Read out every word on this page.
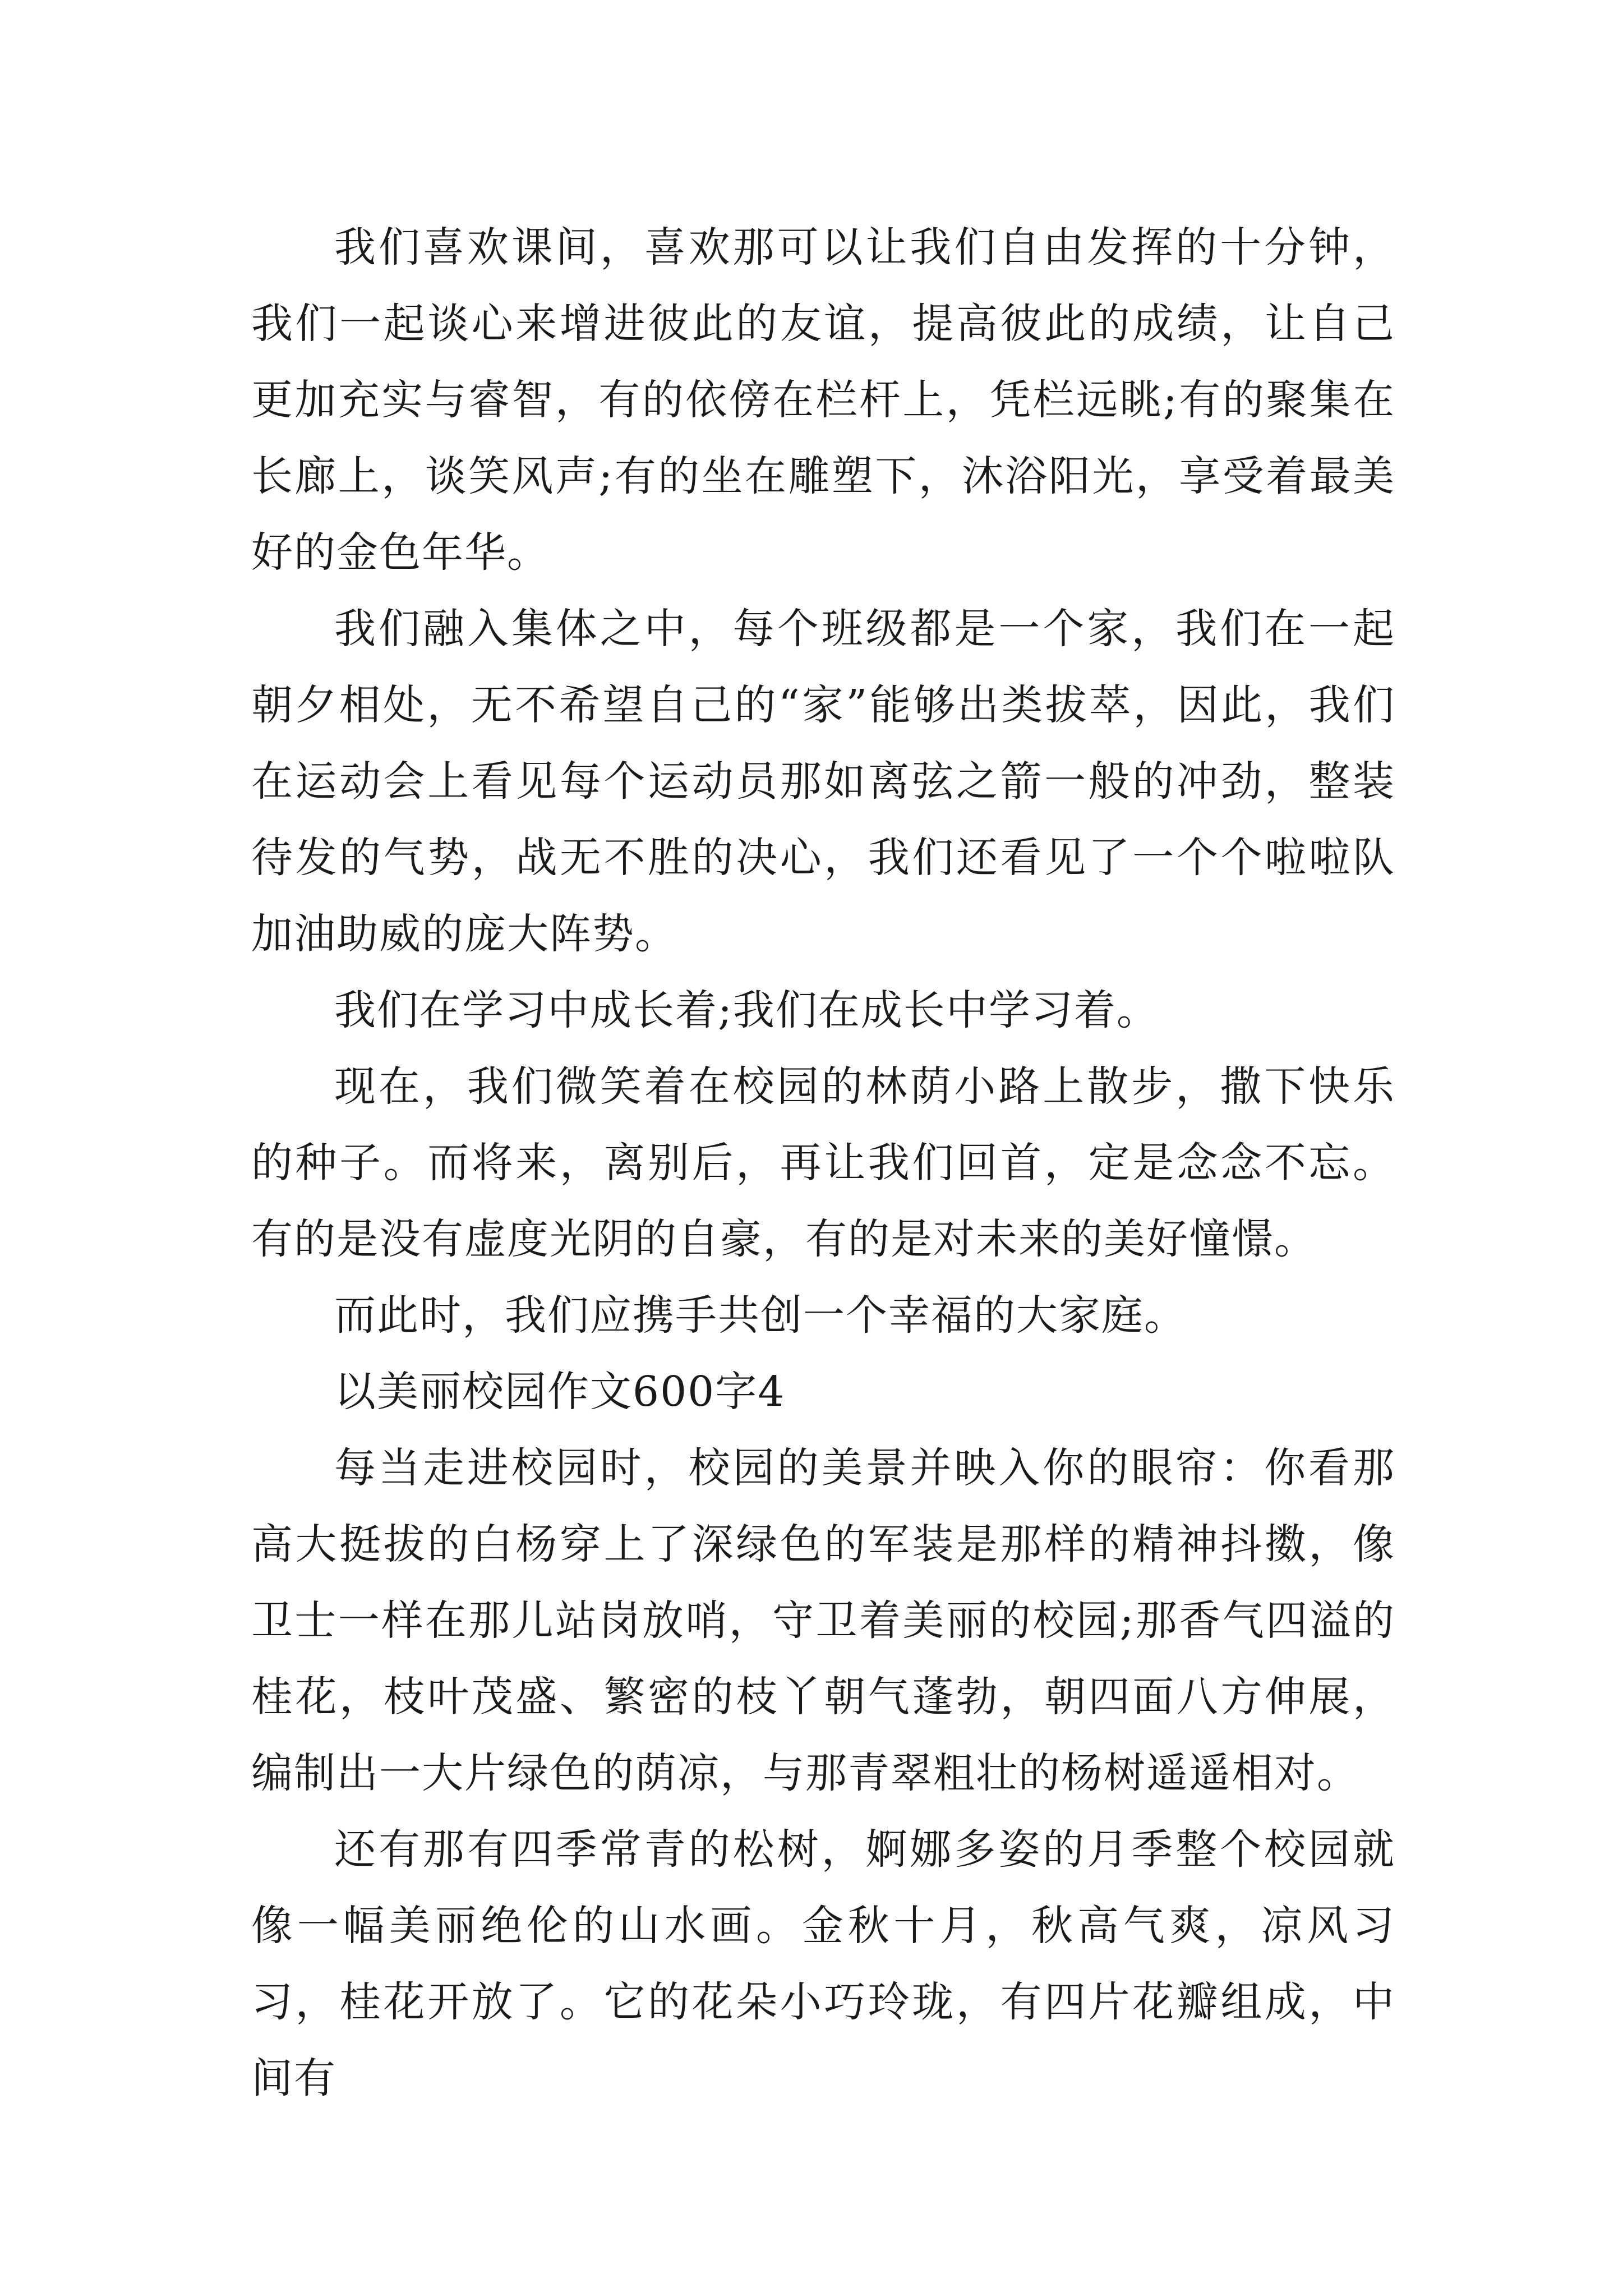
我们喜欢课间，喜欢那可以让我们自由发挥的十分钟，我们一起谈心来增进彼此的友谊，提高彼此的成绩，让自己更加充实与睿智，有的依傍在栏杆上，凭栏远眺;有的聚集在长廊上，谈笑风声;有的坐在雕塑下，沐浴阳光，享受着最美好的金色年华。

我们融入集体之中，每个班级都是一个家，我们在一起朝夕相处，无不希望自己的“家”能够出类拔萃，因此，我们在运动会上看见每个运动员那如离弦之箭一般的冲劲，整装待发的气势，战无不胜的决心，我们还看见了一个个啦啦队加油助威的庞大阵势。

我们在学习中成长着;我们在成长中学习着。

现在，我们微笑着在校园的林荫小路上散步，撒下快乐的种子。而将来，离别后，再让我们回首，定是念念不忘。有的是没有虚度光阴的自豪，有的是对未来的美好憧憬。

而此时，我们应携手共创一个幸福的大家庭。

以美丽校园作文600字4

每当走进校园时，校园的美景并映入你的眼帘：你看那高大挺拔的白杨穿上了深绿色的军装是那样的精神抖擞，像卫士一样在那儿站岗放哨，守卫着美丽的校园;那香气四溢的桂花，枝叶茂盛、繁密的枝丫朝气蓬勃，朝四面八方伸展，编制出一大片绿色的荫凉，与那青翠粗壮的杨树遥遥相对。

还有那有四季常青的松树，婀娜多姿的月季整个校园就像一幅美丽绝伦的山水画。金秋十月，秋高气爽，凉风习习，桂花开放了。它的花朵小巧玲珑，有四片花瓣组成，中间有
